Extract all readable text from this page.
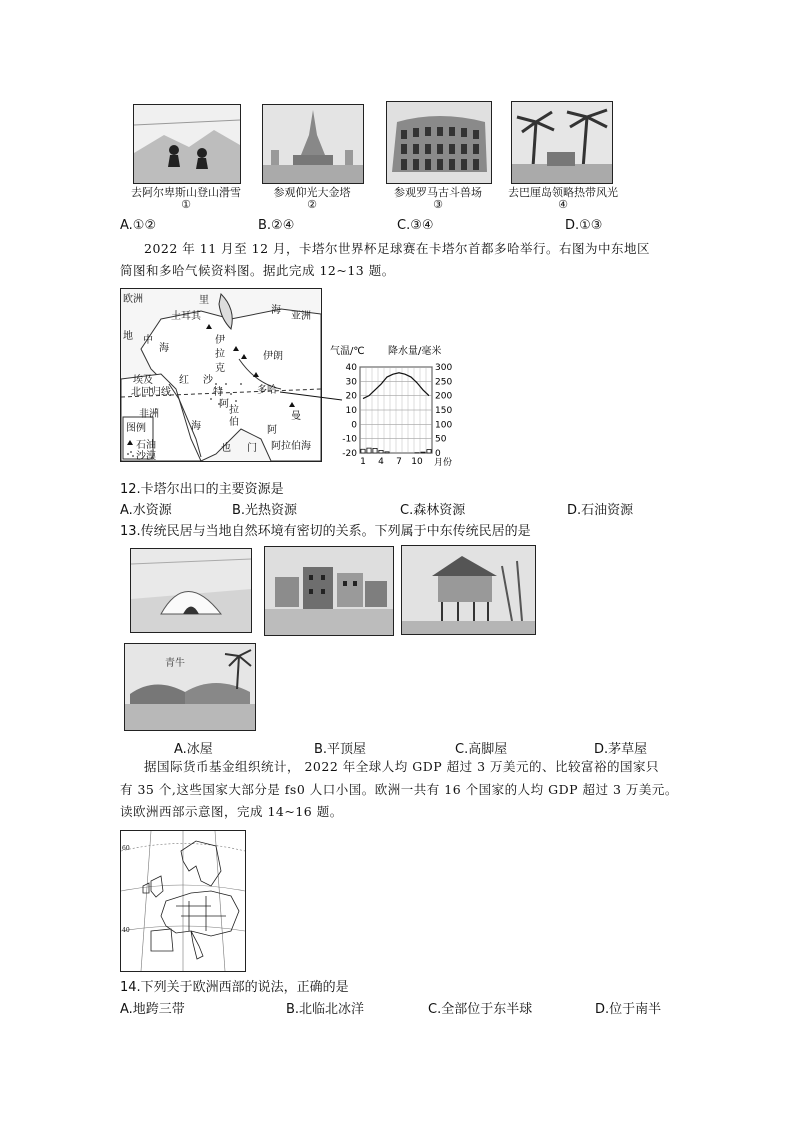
去阿尔卑斯山登山滑雪	参观仰光大金塔	参观罗马古斗兽场	去巴厘岛领略热带风光
①	②	③	④
A.①②	B.②④	C.③④	D.①③
2022 年 11 月至 12 月，卡塔尔世界杯足球赛在卡塔尔首都多哈举行。右图为中东地区
简图和多哈气候资料图。据此完成 12~13 题。
欧洲	里
海
土耳其	亚洲
地 中
海
伊
拉
克
伊朗
埃及
北回归线
沙
特
阿
拉
伯
多哈
红
海
非洲
阿
曼
也 门 阿拉伯海
图例
石油
沙漠
40
30
20
10
0
-10
-20
300
250
200
150
100
50
0
1 4 7 10 月份
气温/℃ 降水量/毫米
12.卡塔尔出口的主要资源是
A.水资源	B.光热资源	C.森林资源	D.石油资源
13.传统民居与当地自然环境有密切的关系。下列属于中东传统民居的是
青牛
A.冰屋	B.平顶屋	C.高脚屋	D.茅草屋
据国际货币基金组织统计， 2022 年全球人均 GDP 超过 3 万美元的、比较富裕的国家只
有 35 个,这些国家大部分是 fs0 人口小国。欧洲一共有 16 个国家的人均 GDP 超过 3 万美元。
读欧洲西部示意图，完成 14~16 题。
60
40
14.下列关于欧洲西部的说法，正确的是
A.地跨三带	B.北临北冰洋	C.全部位于东半球	D.位于南半
